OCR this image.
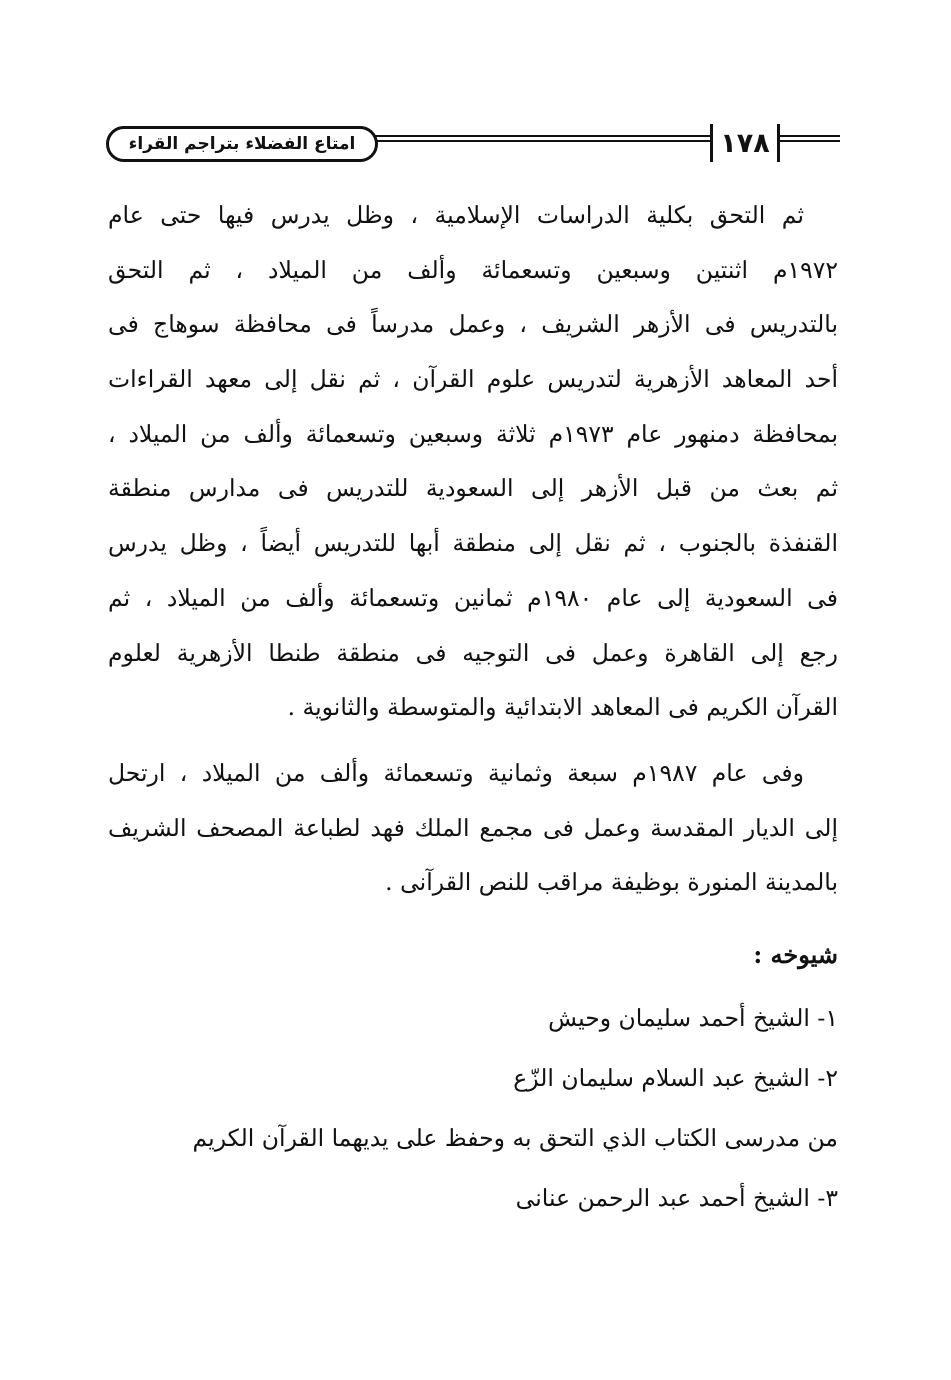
امتاع الفضلاء بتراجم القراء	١٧٨

ثم التحق بكلية الدراسات الإسلامية ، وظل يدرس فيها حتى عام
١٩٧٢م اثنتين وسبعين وتسعمائة وألف من الميلاد ، ثم التحق
بالتدريس فى الأزهر الشريف ، وعمل مدرساً فى محافظة سوهاج فى
أحد المعاهد الأزهرية لتدريس علوم القرآن ، ثم نقل إلى معهد القراءات
بمحافظة دمنهور عام ١٩٧٣م ثلاثة وسبعين وتسعمائة وألف من الميلاد ،
ثم بعث من قبل الأزهر إلى السعودية للتدريس فى مدارس منطقة
القنفذة بالجنوب ، ثم نقل إلى منطقة أبها للتدريس أيضاً ، وظل يدرس
فى السعودية إلى عام ١٩٨٠م ثمانين وتسعمائة وألف من الميلاد ، ثم
رجع إلى القاهرة وعمل فى التوجيه فى منطقة طنطا الأزهرية لعلوم
القرآن الكريم فى المعاهد الابتدائية والمتوسطة والثانوية .

وفى عام ١٩٨٧م سبعة وثمانية وتسعمائة وألف من الميلاد ، ارتحل
إلى الديار المقدسة وعمل فى مجمع الملك فهد لطباعة المصحف الشريف
بالمدينة المنورة بوظيفة مراقب للنص القرآنى .

شيوخه :
١- الشيخ أحمد سليمان وحيش
٢- الشيخ عبد السلام سليمان الزّع
من مدرسى الكتاب الذي التحق به وحفظ على يديهما القرآن الكريم
٣- الشيخ أحمد عبد الرحمن عنانى
